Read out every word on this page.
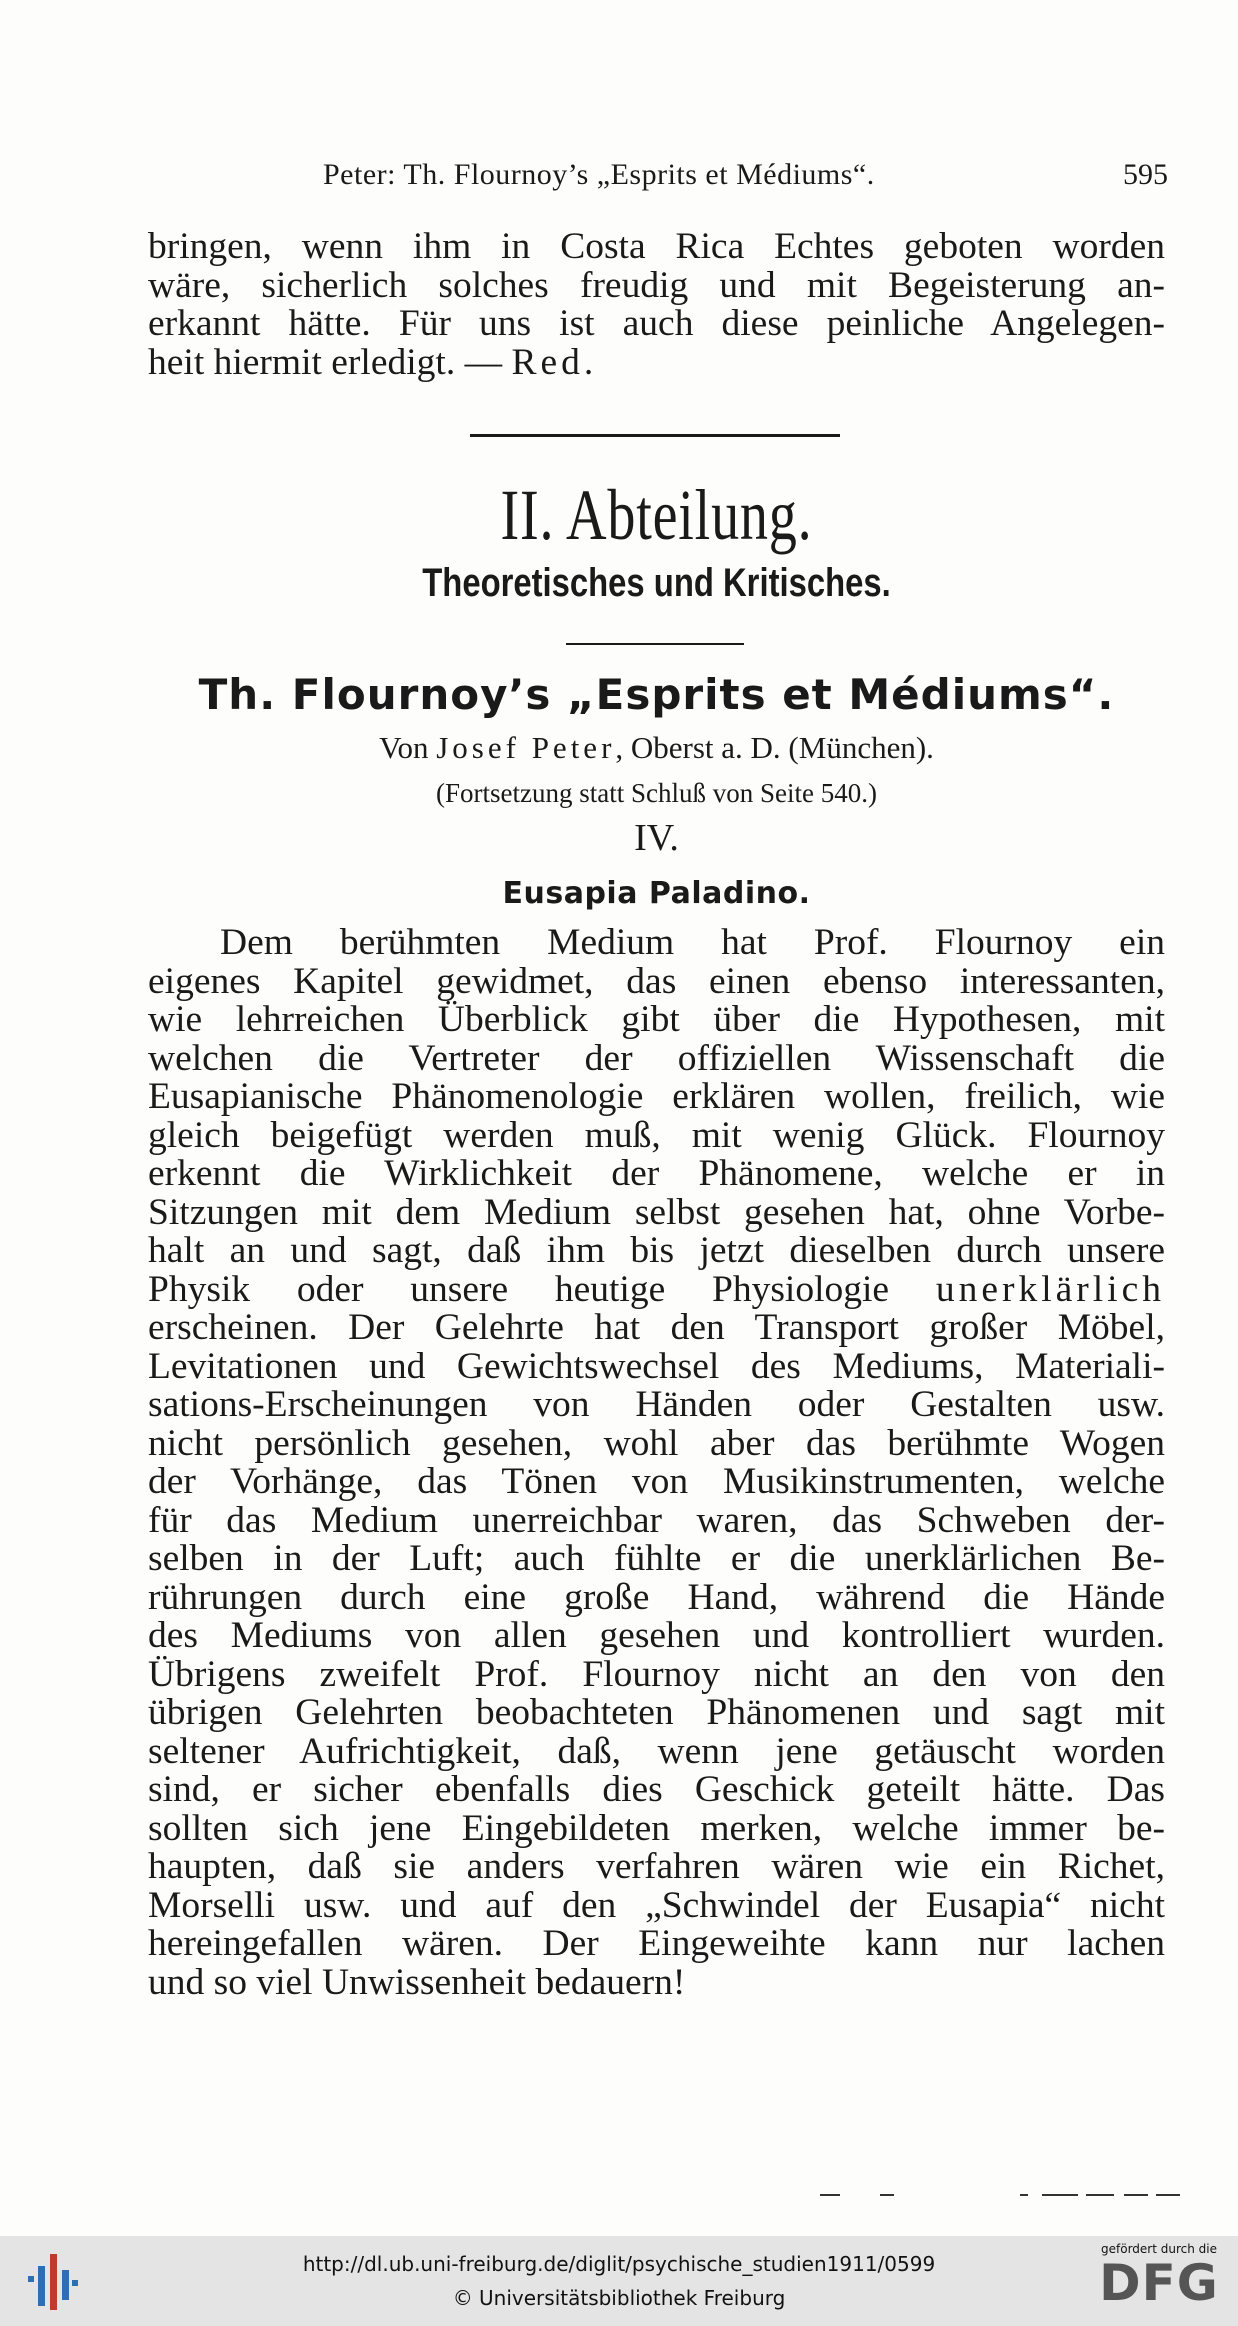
Peter: Th. Flournoy’s „Esprits et Médiums“.	595

bringen, wenn ihm in Costa Rica Echtes geboten worden

wäre, sicherlich solches freudig und mit Begeisterung an-

erkannt hätte. Für uns ist auch diese peinliche Angelegen-

heit hiermit erledigt. — Red.

II. Abteilung.
Theoretisches und Kritisches.
Th. Flournoy’s „Esprits et Médiums“.
Von Josef Peter, Oberst a. D. (München).
(Fortsetzung statt Schluß von Seite 540.)
IV.
Eusapia Paladino.

Dem berühmten Medium hat Prof. Flournoy ein

eigenes Kapitel gewidmet, das einen ebenso interessanten,

wie lehrreichen Überblick gibt über die Hypothesen, mit

welchen die Vertreter der offiziellen Wissenschaft die

Eusapianische Phänomenologie erklären wollen, freilich, wie

gleich beigefügt werden muß, mit wenig Glück. Flournoy

erkennt die Wirklichkeit der Phänomene, welche er in

Sitzungen mit dem Medium selbst gesehen hat, ohne Vorbe-

halt an und sagt, daß ihm bis jetzt dieselben durch unsere

Physik oder unsere heutige Physiologie unerklärlich

erscheinen. Der Gelehrte hat den Transport großer Möbel,

Levitationen und Gewichtswechsel des Mediums, Materiali-

sations-Erscheinungen von Händen oder Gestalten usw.

nicht persönlich gesehen, wohl aber das berühmte Wogen

der Vorhänge, das Tönen von Musikinstrumenten, welche

für das Medium unerreichbar waren, das Schweben der-

selben in der Luft; auch fühlte er die unerklärlichen Be-

rührungen durch eine große Hand, während die Hände

des Mediums von allen gesehen und kontrolliert wurden.

Übrigens zweifelt Prof. Flournoy nicht an den von den

übrigen Gelehrten beobachteten Phänomenen und sagt mit

seltener Aufrichtigkeit, daß, wenn jene getäuscht worden

sind, er sicher ebenfalls dies Geschick geteilt hätte. Das

sollten sich jene Eingebildeten merken, welche immer be-

haupten, daß sie anders verfahren wären wie ein Richet,

Morselli usw. und auf den „Schwindel der Eusapia“ nicht

hereingefallen wären. Der Eingeweihte kann nur lachen

und so viel Unwissenheit bedauern!

http://dl.ub.uni-freiburg.de/diglit/psychische_studien1911/0599
© Universitätsbibliothek Freiburg
gefördert durch die
DFG
